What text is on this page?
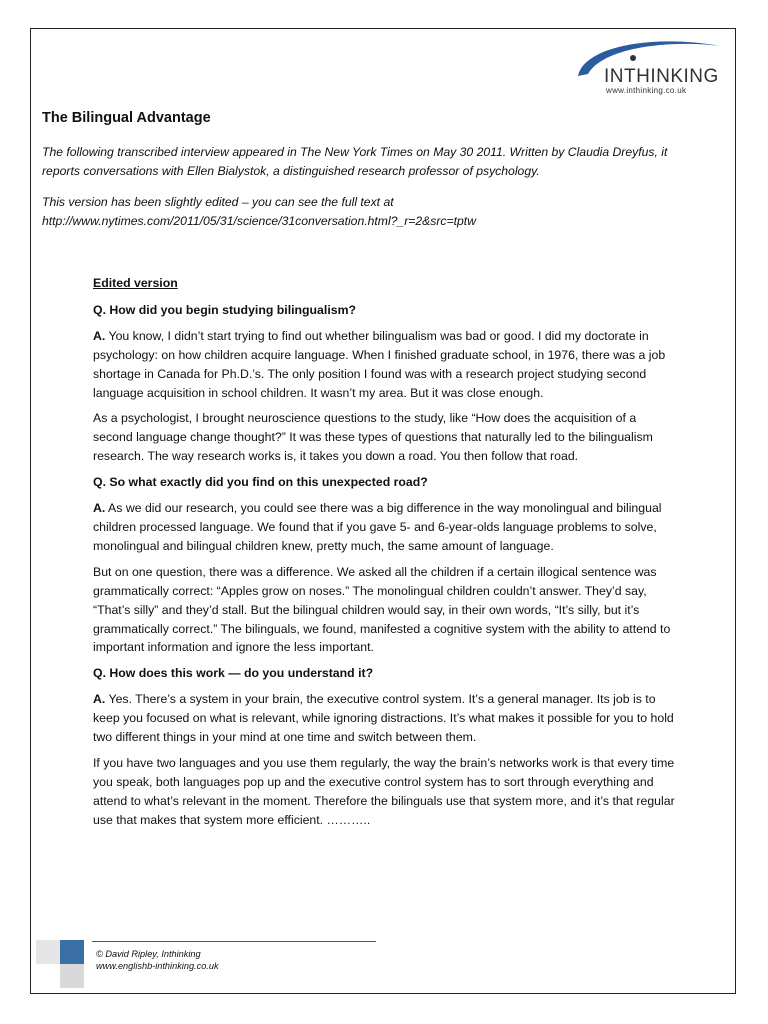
INTHINKING
www.inthinking.co.uk
The Bilingual Advantage

The following transcribed interview appeared in The New York Times on May 30 2011. Written by Claudia Dreyfus, it reports conversations with Ellen Bialystok, a distinguished research professor of psychology.

This version has been slightly edited – you can see the full text at http://www.nytimes.com/2011/05/31/science/31conversation.html?_r=2&src=tptw

Edited version

Q. How did you begin studying bilingualism?

A. You know, I didn’t start trying to find out whether bilingualism was bad or good. I did my doctorate in psychology: on how children acquire language. When I finished graduate school, in 1976, there was a job shortage in Canada for Ph.D.’s. The only position I found was with a research project studying second language acquisition in school children. It wasn’t my area. But it was close enough.

As a psychologist, I brought neuroscience questions to the study, like “How does the acquisition of a second language change thought?” It was these types of questions that naturally led to the bilingualism research. The way research works is, it takes you down a road. You then follow that road.

Q. So what exactly did you find on this unexpected road?

A. As we did our research, you could see there was a big difference in the way monolingual and bilingual children processed language. We found that if you gave 5- and 6-year-olds language problems to solve, monolingual and bilingual children knew, pretty much, the same amount of language.

But on one question, there was a difference. We asked all the children if a certain illogical sentence was grammatically correct: “Apples grow on noses.” The monolingual children couldn’t answer. They’d say, “That’s silly” and they’d stall. But the bilingual children would say, in their own words, “It’s silly, but it’s grammatically correct.” The bilinguals, we found, manifested a cognitive system with the ability to attend to important information and ignore the less important.

Q. How does this work — do you understand it?

A. Yes. There’s a system in your brain, the executive control system. It’s a general manager. Its job is to keep you focused on what is relevant, while ignoring distractions. It’s what makes it possible for you to hold two different things in your mind at one time and switch between them.

If you have two languages and you use them regularly, the way the brain’s networks work is that every time you speak, both languages pop up and the executive control system has to sort through everything and attend to what’s relevant in the moment. Therefore the bilinguals use that system more, and it’s that regular use that makes that system more efficient. ………..

© David Ripley, Inthinking
www.englishb-inthinking.co.uk
